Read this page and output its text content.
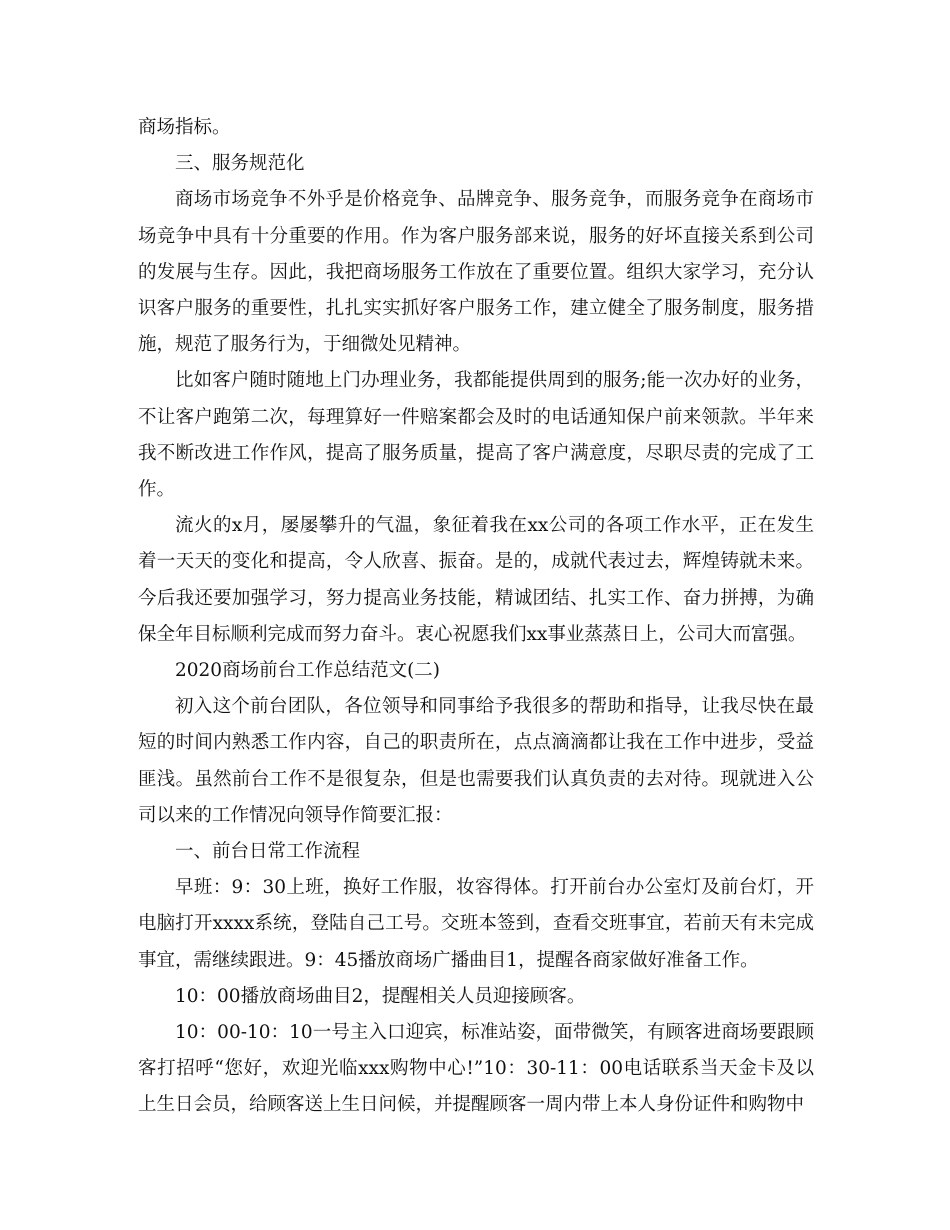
商场指标。

三、服务规范化

商场市场竞争不外乎是价格竞争、品牌竞争、服务竞争，而服务竞争在商场市场竞争中具有十分重要的作用。作为客户服务部来说，服务的好坏直接关系到公司的发展与生存。因此，我把商场服务工作放在了重要位置。组织大家学习，充分认识客户服务的重要性，扎扎实实抓好客户服务工作，建立健全了服务制度，服务措施，规范了服务行为，于细微处见精神。

比如客户随时随地上门办理业务，我都能提供周到的服务;能一次办好的业务，不让客户跑第二次，每理算好一件赔案都会及时的电话通知保户前来领款。半年来我不断改进工作作风，提高了服务质量，提高了客户满意度，尽职尽责的完成了工作。

流火的x月，屡屡攀升的气温，象征着我在xx公司的各项工作水平，正在发生着一天天的变化和提高，令人欣喜、振奋。是的，成就代表过去，辉煌铸就未来。今后我还要加强学习，努力提高业务技能，精诚团结、扎实工作、奋力拼搏，为确保全年目标顺利完成而努力奋斗。衷心祝愿我们xx事业蒸蒸日上，公司大而富强。

2020商场前台工作总结范文(二)

初入这个前台团队，各位领导和同事给予我很多的帮助和指导，让我尽快在最短的时间内熟悉工作内容，自己的职责所在，点点滴滴都让我在工作中进步，受益匪浅。虽然前台工作不是很复杂，但是也需要我们认真负责的去对待。现就进入公司以来的工作情况向领导作简要汇报：

一、前台日常工作流程

早班：9：30上班，换好工作服，妆容得体。打开前台办公室灯及前台灯，开电脑打开xxxx系统，登陆自己工号。交班本签到，查看交班事宜，若前天有未完成事宜，需继续跟进。9：45播放商场广播曲目1，提醒各商家做好准备工作。

10：00播放商场曲目2，提醒相关人员迎接顾客。

10：00-10：10一号主入口迎宾，标准站姿，面带微笑，有顾客进商场要跟顾客打招呼“您好，欢迎光临xxx购物中心!”10：30-11：00电话联系当天金卡及以上生日会员，给顾客送上生日问候，并提醒顾客一周内带上本人身份证件和购物中
